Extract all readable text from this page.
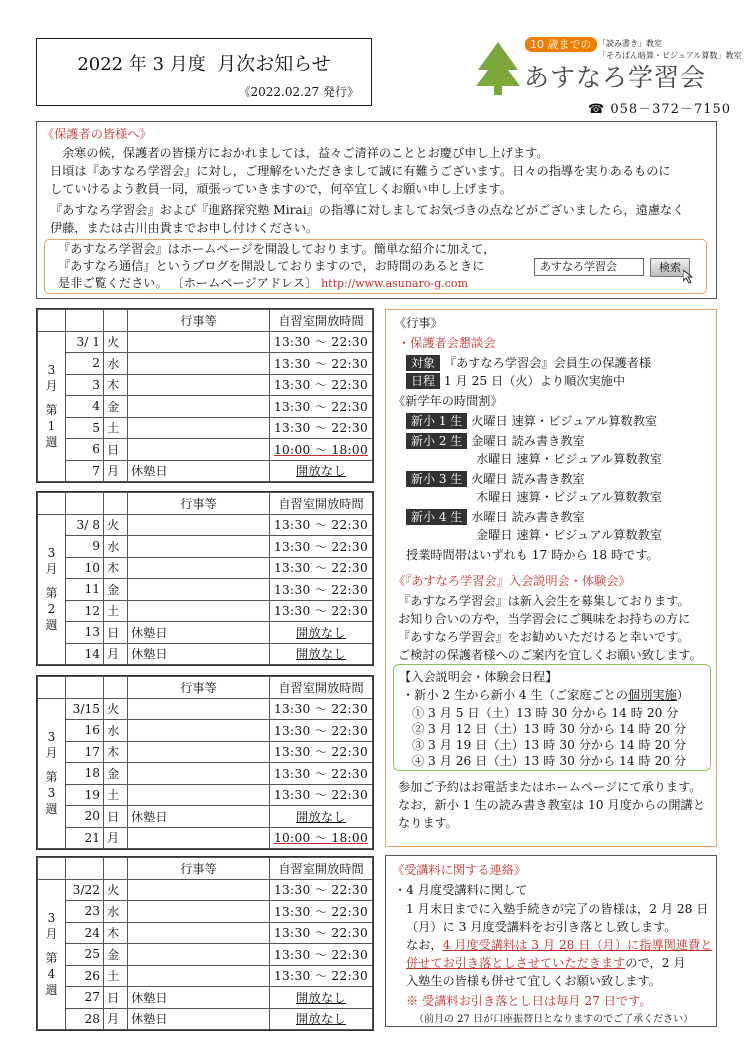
2022 年 3 月度 月次お知らせ
《2022.02.27 発行》
10 歳までの 「読み書き」教室
「そろばん暗算・ビジュアル算数」教室
あすなろ学習会
☎ 058－372－7150
《保護者の皆様へ》
余寒の候，保護者の皆様方におかれましては，益々ご清祥のこととお慶び申し上げます。
日頃は『あすなろ学習会』に対し，ご理解をいただきまして誠に有難うございます。日々の指導を実りあるものに
していけるよう教員一同，頑張っていきますので，何卒宜しくお願い申し上げます。
『あすなろ学習会』および『進路探究塾 Mirai』の指導に対しましてお気づきの点などがございましたら，遠慮なく
伊藤，または古川由貴までお申し付けください。
『あすなろ学習会』はホームページを開設しております。簡単な紹介に加えて，
『あすなろ通信』というブログを開設しておりますので，お時間のあるときに
是非ご覧ください。 〔ホームページアドレス〕 http://www.asunaro-g.com
あすなろ学習会	検索
			行事等	自習室開放時間

3
月
第
1
週	3/ 1	火		13:30 ～ 22:30
	2	水		13:30 ～ 22:30
	3	木		13:30 ～ 22:30
	4	金		13:30 ～ 22:30
	5	土		13:30 ～ 22:30
	6	日		10:00 ～ 18:00
	7	月	休塾日	開放なし
			行事等	自習室開放時間

3
月
第
2
週	3/ 8	火		13:30 ～ 22:30
	9	水		13:30 ～ 22:30
	10	木		13:30 ～ 22:30
	11	金		13:30 ～ 22:30
	12	土		13:30 ～ 22:30
	13	日	休塾日	開放なし
	14	月	休塾日	開放なし
			行事等	自習室開放時間

3
月
第
3
週	3/15	火		13:30 ～ 22:30
	16	水		13:30 ～ 22:30
	17	木		13:30 ～ 22:30
	18	金		13:30 ～ 22:30
	19	土		13:30 ～ 22:30
	20	日	休塾日	開放なし
	21	月		10:00 ～ 18:00
			行事等	自習室開放時間

3
月
第
4
週	3/22	火		13:30 ～ 22:30
	23	水		13:30 ～ 22:30
	24	木		13:30 ～ 22:30
	25	金		13:30 ～ 22:30
	26	土		13:30 ～ 22:30
	27	日	休塾日	開放なし
	28	月	休塾日	開放なし
《行事》
・保護者会懇談会
対象 『あすなろ学習会』会員生の保護者様
日程 1 月 25 日（火）より順次実施中
《新学年の時間割》
新小 1 生 火曜日 速算・ビジュアル算数教室
新小 2 生 金曜日 読み書き教室
水曜日 速算・ビジュアル算数教室
新小 3 生 火曜日 読み書き教室
木曜日 速算・ビジュアル算数教室
新小 4 生 水曜日 読み書き教室
金曜日 速算・ビジュアル算数教室
授業時間帯はいずれも 17 時から 18 時です。
《『あすなろ学習会』入会説明会・体験会》
『あすなろ学習会』は新入会生を募集しております。
お知り合いの方や，当学習会にご興味をお持ちの方に
『あすなろ学習会』をお勧めいただけると幸いです。
ご検討の保護者様へのご案内を宜しくお願い致します。
【入会説明会・体験会日程】
・新小 2 生から新小 4 生（ご家庭ごとの個別実施）
① 3 月 5 日（土）13 時 30 分から 14 時 20 分
② 3 月 12 日（土）13 時 30 分から 14 時 20 分
③ 3 月 19 日（土）13 時 30 分から 14 時 20 分
④ 3 月 26 日（土）13 時 30 分から 14 時 20 分
参加ご予約はお電話またはホームページにて承ります。
なお，新小 1 生の読み書き教室は 10 月度からの開講と
なります。
《受講料に関する連絡》
・4 月度受講料に関して
1 月末日までに入塾手続きが完了の皆様は，2 月 28 日
（月）に 3 月度受講料をお引き落とし致します。
なお，4 月度受講料は 3 月 28 日（月）に指導関連費と
併せてお引き落としさせていただきますので，2 月
入塾生の皆様も併せて宜しくお願い致します。
※ 受講料お引き落とし日は毎月 27 日です。
（前月の 27 日が口座振替日となりますのでご了承ください）
